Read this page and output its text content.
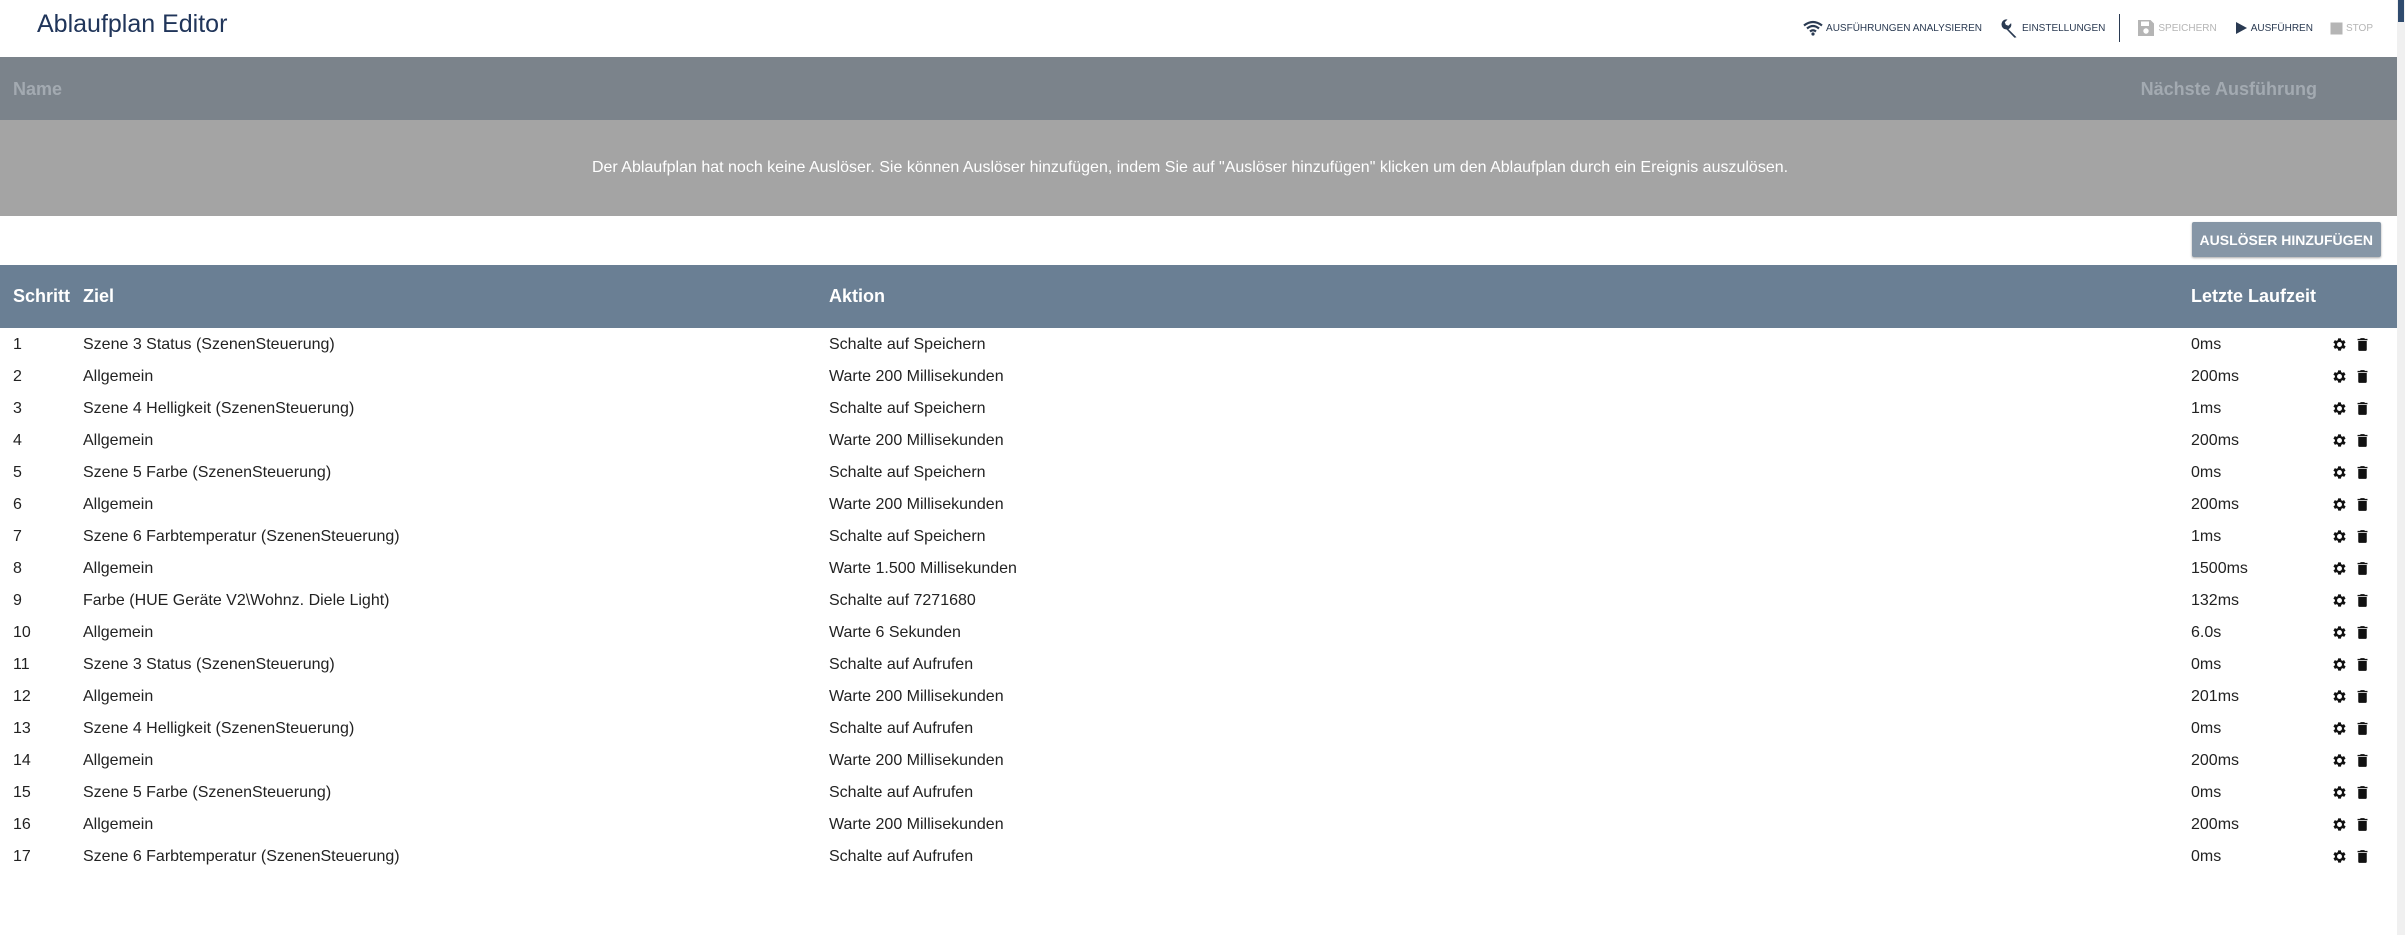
Ablaufplan Editor	AUSFÜHRUNGEN ANALYSIEREN	EINSTELLUNGEN	SPEICHERN	AUSFÜHREN	STOP
Name	Nächste Ausführung
Der Ablaufplan hat noch keine Auslöser. Sie können Auslöser hinzufügen, indem Sie auf "Auslöser hinzufügen" klicken um den Ablaufplan durch ein Ereignis auszulösen.
AUSLÖSER HINZUFÜGEN
Schritt Ziel	Aktion	Letzte Laufzeit
1	Szene 3 Status (SzenenSteuerung)	Schalte auf Speichern	0ms
2	Allgemein	Warte 200 Millisekunden	200ms
3	Szene 4 Helligkeit (SzenenSteuerung)	Schalte auf Speichern	1ms
4	Allgemein	Warte 200 Millisekunden	200ms
5	Szene 5 Farbe (SzenenSteuerung)	Schalte auf Speichern	0ms
6	Allgemein	Warte 200 Millisekunden	200ms
7	Szene 6 Farbtemperatur (SzenenSteuerung)	Schalte auf Speichern	1ms
8	Allgemein	Warte 1.500 Millisekunden	1500ms
9	Farbe (HUE Geräte V2\Wohnz. Diele Light)	Schalte auf 7271680	132ms
10	Allgemein	Warte 6 Sekunden	6.0s
11	Szene 3 Status (SzenenSteuerung)	Schalte auf Aufrufen	0ms
12	Allgemein	Warte 200 Millisekunden	201ms
13	Szene 4 Helligkeit (SzenenSteuerung)	Schalte auf Aufrufen	0ms
14	Allgemein	Warte 200 Millisekunden	200ms
15	Szene 5 Farbe (SzenenSteuerung)	Schalte auf Aufrufen	0ms
16	Allgemein	Warte 200 Millisekunden	200ms
17	Szene 6 Farbtemperatur (SzenenSteuerung)	Schalte auf Aufrufen	0ms
